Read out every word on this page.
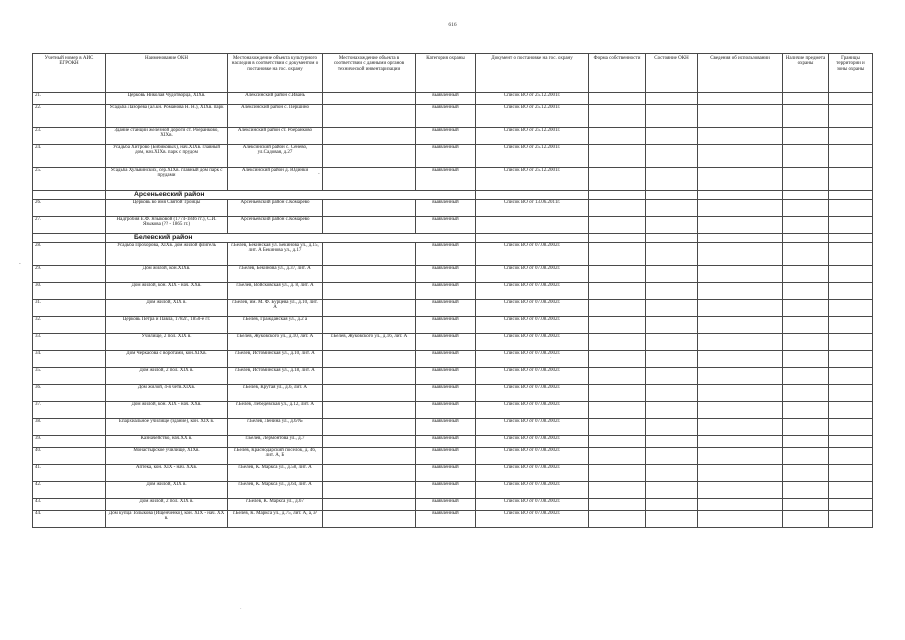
616
Учетный номер в АИС ЕГРОКН	Наименование ОКН	Местонахождение объекта культурного наследия в соответствии с документом о постановке на гос. охрану	Местонахождение объекта в соответствии с данными органов технической инвентаризации	Категория охраны	Документ о постановке на гос. охрану	Форма собственности	Состояние ОКН	Сведения об использовании	Наличие предмета охраны	Границы территории и зоны охраны
21.	Церковь Николая Чудотворца, XIXв.	Алексинский район с.Ивань		выявленный	Список ВО от 25.12.2001г.					
22.	Усадьба Лазорева (ал.кн. Романова Н. Н.), XIXв. парк	Алексинский район с. Першино		выявленный	Список ВО от 25.12.2001г.					
23.	Здание станции железной дороги ст. Роеранково, XIXв.	Алексинский район ст. Роеранково		выявленный	Список ВО от 25.12.2001г.					
24.	Усадьба Хитрово (Бибиковых), нач.XIXв. главный дом, нач.XIXв. парк с прудом	Алексинский район с. Сенево, ул.Садовая, д.27		выявленный	Список ВО от 25.12.2001г.					
25.	Усадьба Хульвинских, сер.XIXв. главный дом парк с прудами	Алексинский район д. Юдинки		выявленный	Список ВО от 25.12.2001г.					
	Арсеньевский район									
26.	Церковь во имя Святой Троицы	Арсеньевский район с.Комарево		выявленный	Список ВО от 13.06.2011г.					
27.	Надгробия Е.Ф. Языковой (1774-1846 гг.), С.И. Языкова (?? - 1865 гг.)	Арсеньевский район с.Комарево		выявленный						
	Белевский район									
28.	Усадьба Прохорова, XIXв. дом жилой флигель	г.Белёв, Бекинская ул. Бекинова ул., д.15, лит. А Бекинова ул., д.17		выявленный	Список ВО от 07.08.2002г.					
29.	Дом жилой, кон.XIXв.	г.Белёв, Бекинова ул., д.37, лит. А		выявленный	Список ВО от 07.08.2002г.					
30.	Дом жилой, кон. XIX - нач. XXв.	г.Белёв, Войсковская ул., д. 8, лит. А		выявленный	Список ВО от 07.08.2002г.					
31.	Дом жилой, XIX в.	г.Белёв, им. М. Ф. Бурцева ул., д.10, лит. А		выявленный	Список ВО от 07.08.2002г.					
32.	Церковь Петра и Павла, 1782г., 1850-е гг.	г.Белёв, Гражданская ул., д.2 а		выявленный	Список ВО от 07.08.2002г.					
33.	Училище, 2 пол. XIX в.	г.Белёв, Жуковского ул., д.10, лит. А	г.Белёв, Жуковского ул., д.16, лит. А	выявленный	Список ВО от 07.08.2002г.					
34.	Дом Черкасова с воротами, кон.XIXв.	г.Белёв, Истоминская ул., д.10, лит. А		выявленный	Список ВО от 07.08.2002г.					
35.	Дом жилой, 2 пол. XIX в.	г.Белёв, Истоминская ул., д.18, лит. А		выявленный	Список ВО от 07.08.2002г.					
36.	Дом жилой, 4-я четв.XIXв.	г.Белёв, Крутая ул., д.6, лит. А		выявленный	Список ВО от 07.08.2002г.					
37.	Дом жилой, кон. XIX - нач. XXв.	г.Белёв, Лебедевская ул., д.12, лит. А		выявленный	Список ВО от 07.08.2002г.					
38.	Епархиальное училище (здание), кон. XIX в.	г.Белёв, Ленина ул., д.6/№		выявленный	Список ВО от 07.08.2002г.					
39.	Казначейство, нач.XX в.	г.Белёв, Лермонтова ул., д.7		выявленный	Список ВО от 07.08.2002г.					
40.	Монастырское училище, XIXв.	г.Белёв, Краснодарский поселок, д. 46, лит. А, Б		выявленный	Список ВО от 07.08.2002г.					
41.	Аптека, кон. XIX - нач. XXв.	г.Белёв, К. Маркса ул., д.58, лит. А		выявленный	Список ВО от 07.08.2002г.					
42.	Дом жилой, XIX в.	г.Белёв, К. Маркса ул., д.64, лит. А		выявленный	Список ВО от 07.08.2002г.					
43.	Дом жилой, 2 пол. XIX в.	г.Белёв, К. Маркса ул., д.67		выявленный	Список ВО от 07.08.2002г.					
44.	Дом купца Толыкова (Ищенченко), кон. XIX - нач. XX в.	г.Белёв, К. Маркса ул., д.75, лит. А, а, а¹		выявленный	Список ВО от 07.08.2002г.					
-
-
·
·
